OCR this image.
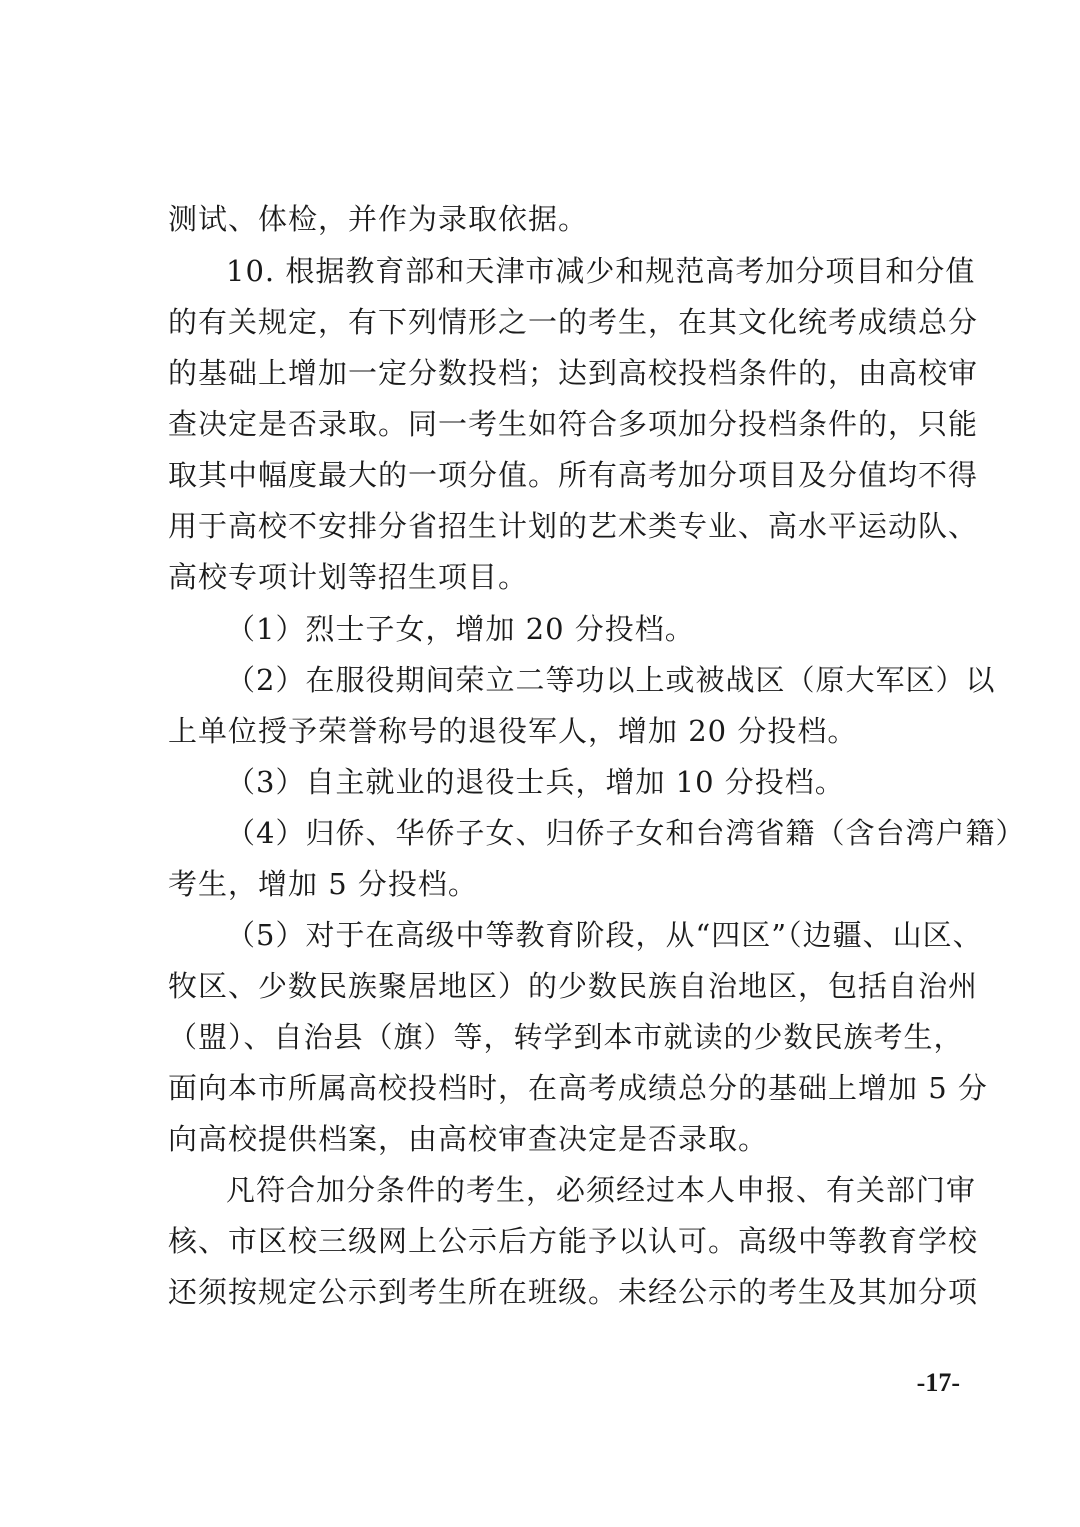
测试、体检，并作为录取依据。
10. 根据教育部和天津市减少和规范高考加分项目和分值
的有关规定，有下列情形之一的考生，在其文化统考成绩总分
的基础上增加一定分数投档；达到高校投档条件的，由高校审
查决定是否录取。同一考生如符合多项加分投档条件的，只能
取其中幅度最大的一项分值。所有高考加分项目及分值均不得
用于高校不安排分省招生计划的艺术类专业、高水平运动队、
高校专项计划等招生项目。
（1）烈士子女，增加 20 分投档。
（2）在服役期间荣立二等功以上或被战区（原大军区）以
上单位授予荣誉称号的退役军人，增加 20 分投档。
（3）自主就业的退役士兵，增加 10 分投档。
（4）归侨、华侨子女、归侨子女和台湾省籍（含台湾户籍）
考生，增加 5 分投档。
（5）对于在高级中等教育阶段，从“四区”（边疆、山区、
牧区、少数民族聚居地区）的少数民族自治地区，包括自治州
（盟）、自治县（旗）等，转学到本市就读的少数民族考生，
面向本市所属高校投档时，在高考成绩总分的基础上增加 5 分
向高校提供档案，由高校审查决定是否录取。
凡符合加分条件的考生，必须经过本人申报、有关部门审
核、市区校三级网上公示后方能予以认可。高级中等教育学校
还须按规定公示到考生所在班级。未经公示的考生及其加分项
-17-
